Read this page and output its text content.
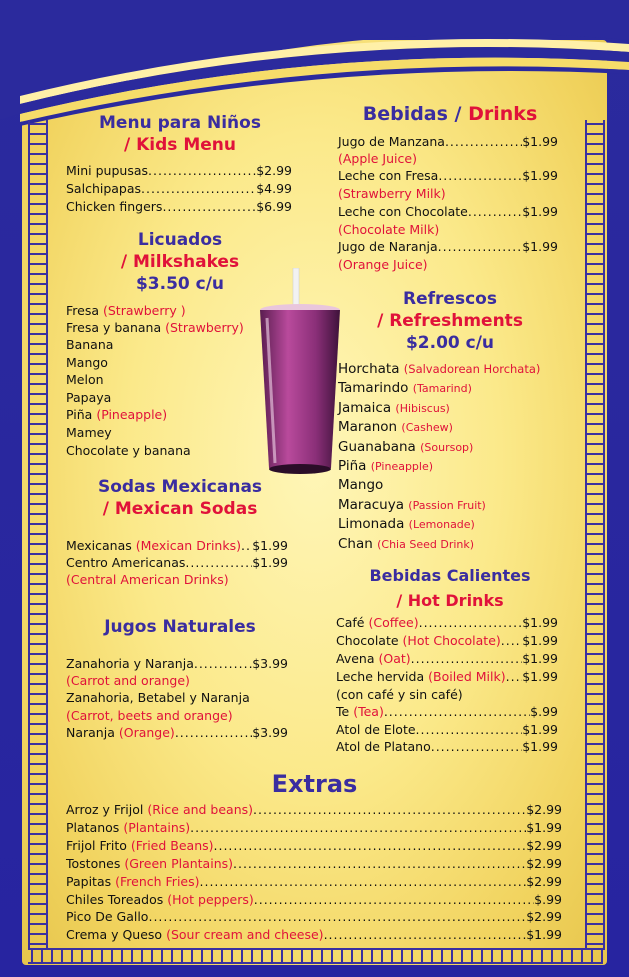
Menu para Niños
/ Kids Menu
Mini pupusas .....	$2.99
Salchipapas .....	$4.99
Chicken fingers .....	$6.99
Licuados
/ Milkshakes
$3.50 c/u
Fresa (Strawberry )
Fresa y banana (Strawberry)
Banana
Mango
Melon
Papaya
Piña (Pineapple)
Mamey
Chocolate y banana
Sodas Mexicanas
/ Mexican Sodas
Mexicanas (Mexican Drinks) ..... $1.99
Centro Americanas .....	$1.99
(Central American Drinks)
Jugos Naturales
Zanahoria y Naranja .....	$3.99
(Carrot and orange)
Zanahoria, Betabel y Naranja
(Carrot, beets and orange)
Naranja (Orange) .....	$3.99
Bebidas / Drinks
Jugo de Manzana .....	$1.99
(Apple Juice)
Leche con Fresa .....	$1.99
(Strawberry Milk)
Leche con Chocolate .....	$1.99
(Chocolate Milk)
Jugo de Naranja .....	$1.99
(Orange Juice)
Refrescos
/ Refreshments
$2.00 c/u
Horchata (Salvadorean Horchata)
Tamarindo (Tamarind)
Jamaica (Hibiscus)
Maranon (Cashew)
Guanabana (Soursop)
Piña (Pineapple)
Mango
Maracuya (Passion Fruit)
Limonada (Lemonade)
Chan (Chia Seed Drink)
Bebidas Calientes
/ Hot Drinks
Café (Coffee) .....	$1.99
Chocolate (Hot Chocolate) ..... $1.99
Avena (Oat) .....	$1.99
Leche hervida (Boiled Milk) ..... $1.99
(con café y sin café)
Te (Tea) .....	$.99
Atol de Elote .....	$1.99
Atol de Platano .....	$1.99
Extras
Arroz y Frijol (Rice and beans) .....	$2.99
Platanos (Plantains) .....	$1.99
Frijol Frito (Fried Beans) .....	$2.99
Tostones (Green Plantains) .....	$2.99
Papitas (French Fries) .....	$2.99
Chiles Toreados (Hot peppers) .....	$.99
Pico De Gallo .....	$2.99
Crema y Queso (Sour cream and cheese) .....	$1.99
